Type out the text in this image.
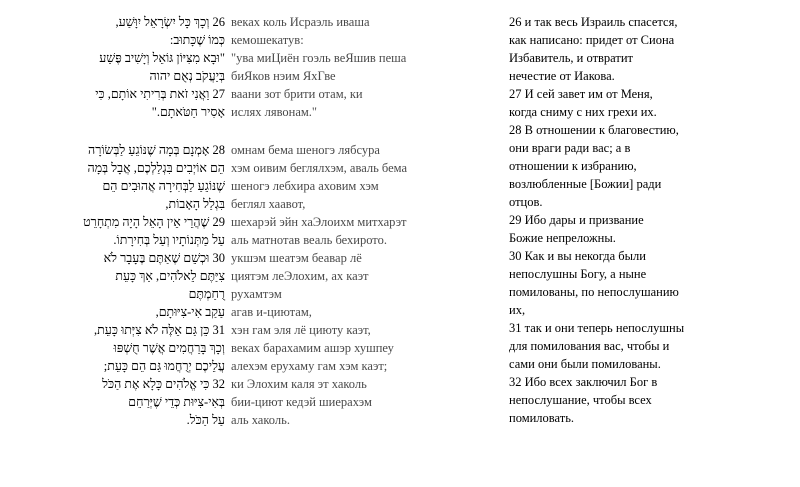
26 וְכָךְ כָּל יִשְׂרָאֵל יִוָּשַׁע,
כְּמוֹ שֶׁכָּתוּב:
"וּבָא מִצִּיּוֹן גּוֹאֵל וְיָשִׁיב פֶּשַׁע
בְּיַעֲקֹב נְאֻם יהוה
27 וַאֲנִי זֹאת בְּרִיתִי אוֹתָם, כִּי
אָסִיר חַטֹּאתָם."
28 אָמְנָם בְּמָה שֶׁנּוֹגֵעַ לַבְּשׂוֹרָה
הֵם אוֹיְבִים בִּגְלַלְכֶם, אֲבָל בְּמָה
שֶׁנּוֹגֵעַ לַבְּחִירָה אֲהוּבִים הֵם
בִּגְלַל הָאָבוֹת,
29 שֶׁהֲרֵי אֵין הָאֵל הָיָה מִתְחָרֵט
עַל מַתְּנוֹתָיו וְעַל בְּחִירָתוֹ.
30 וּכְשֵׁם שֶׁאַתֶּם בֶּעָבָר לֹא
צִיַּתֶּם לֵאלֹהִים, אַךְ כָּעֵת
רֻחַמְתֶּם
עַקַב אִי-צִיּוּתָם,
31 כֵּן גַּם אֵלֶּה לֹא צִיְּתוּ כָּעֵת,
וְכָךְ בָּרַחֲמִים אֲשֶׁר חֻשְׁפּוּ
עֲלֵיכֶם יְרֻחֲמוּ גַּם הֵם כָּעֵת;
32 כִּי אֱלֹהִים כָּלָא אֶת הַכֹּל
בְּאִי-צִיּוּת כְּדֵי שֶׁיְּרַחֵם
עַל הַכֹּל.
веках коль Исраэль иваша
кемошекатув:
"ува миЦиён гоэль веЯшив пеша
биЯков нэим ЯхГве
ваани зот брити отам, ки
ислях лявонам."
омнам бема шеногэ лябсура
хэм оивим беглялхэм, аваль бема
шеногэ лебхира аховим хэм
беглял хаавот,
шехарэй эйн хаЭлоихм митхарэт
аль матнотав веаль бехирото.
укшэм шеатэм беавар лё
циятэм леЭлохим, ах каэт
рухамтэм
агав и-циютам,
хэн гам эля лё циюту каэт,
веках барахамим ашэр хушпеу
алехэм ерухаму гам хэм каэт;
ки Элохим каля эт хаколь
бии-циют кедэй шиерахэм
аль хаколь.
26 и так весь Израиль спасется,
как написано: придет от Сиона
Избавитель, и отвратит
нечестие от Иакова.
27 И сей завет им от Меня,
когда сниму с них грехи их.
28 В отношении к благовестию,
они враги ради вас; а в
отношении к избранию,
возлюбленные [Божии] ради
отцов.
29 Ибо дары и призвание
Божие непреложны.
30 Как и вы некогда были
непослушны Богу, а ныне
помилованы, по непослушанию
их,
31 так и они теперь непослушны
для помилования вас, чтобы и
сами они были помилованы.
32 Ибо всех заключил Бог в
непослушание, чтобы всех
помиловать.
